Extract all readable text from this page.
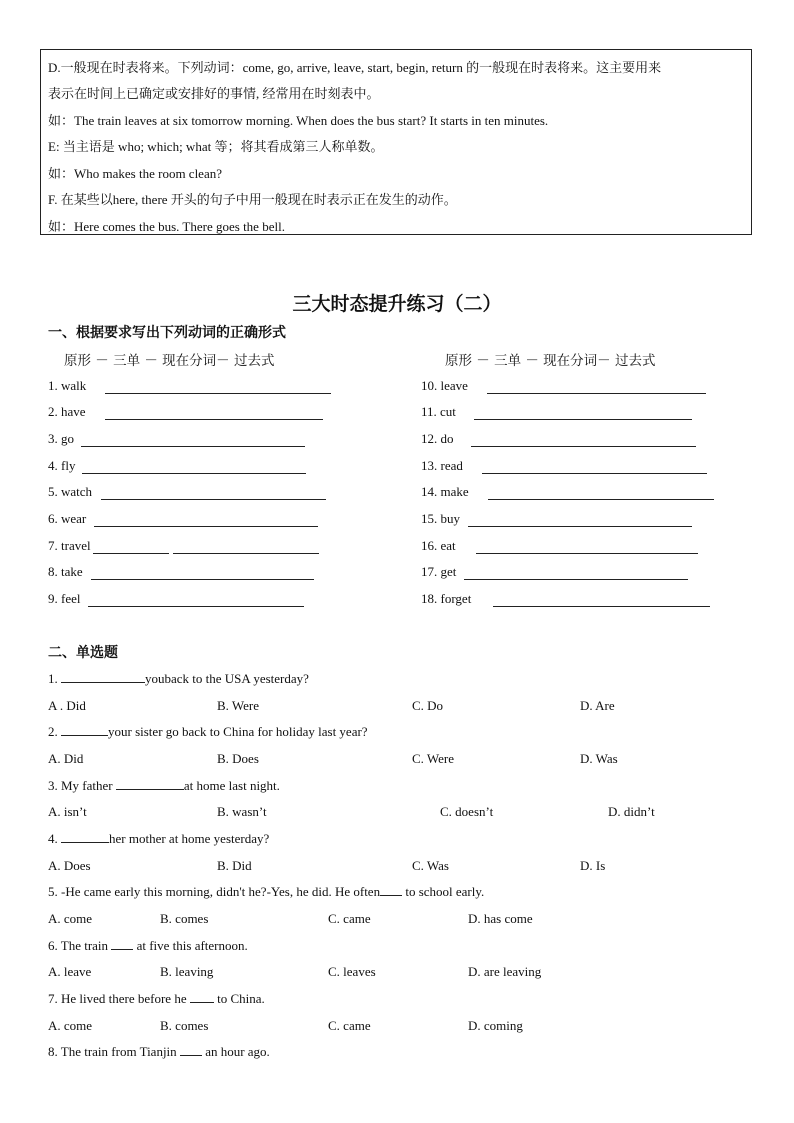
D.一般现在时表将来。下列动词：come, go, arrive, leave, start, begin, return 的一般现在时表将来。这主要用来
表示在时间上已确定或安排好的事情, 经常用在时刻表中。
如：The train leaves at six tomorrow morning. When does the bus start? It starts in ten minutes.
E: 当主语是 who; which; what 等；将其看成第三人称单数。
如：Who makes the room clean?
F. 在某些以here, there 开头的句子中用一般现在时表示正在发生的动作。
如：Here comes the bus. There goes the bell.
三大时态提升练习（二）
一、根据要求写出下列动词的正确形式
原形 － 三单 － 现在分词－ 过去式	原形 － 三单 － 现在分词－ 过去式
1. walk
2. have
3. go
4. fly
5. watch
6. wear
7. travel
8. take
9. feel
10. leave
11. cut
12. do
13. read
14. make
15. buy
16. eat
17. get
18. forget
二、单选题
1.	youback to the USA yesterday?
A . Did	B. Were	C. Do	D. Are
2.	your sister go back to China for holiday last year?
A. Did	B. Does	C. Were	D. Was
3. My father	at home last night.
A. isn’t	B. wasn’t	C. doesn’t	D. didn’t
4.	her mother at home yesterday?
A. Does	B. Did	C. Was	D. Is
5. -He came early this morning, didn't he?-Yes, he did. He often to school early.
A. come	B. comes	C. came	D. has come
6. The train  at five this afternoon.
A. leave	B. leaving	C. leaves	D. are leaving
7. He lived there before he  to China.
A. come	B. comes	C. came	D. coming
8. The train from Tianjin  an hour ago.
